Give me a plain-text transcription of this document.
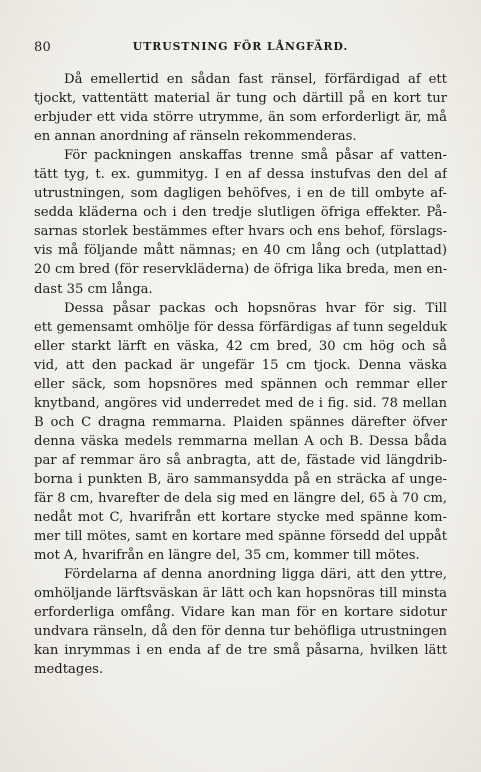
80	UTRUSTNING FÖR LÅNGFÄRD.
Då emellertid en sådan fast ränsel, förfärdigad af ett
tjockt, vattentätt material är tung och därtill på en kort tur
erbjuder ett vida större utrymme, än som erforderligt är, må
en annan anordning af ränseln rekommenderas.
För packningen anskaffas trenne små påsar af vatten-
tätt tyg, t. ex. gummityg. I en af dessa instufvas den del af
utrustningen, som dagligen behöfves, i en de till ombyte af-
sedda kläderna och i den tredje slutligen öfriga effekter. På-
sarnas storlek bestämmes efter hvars och ens behof, förslags-
vis må följande mått nämnas; en 40 cm lång och (utplattad)
20 cm bred (för reservkläderna) de öfriga lika breda, men en-
dast 35 cm långa.
Dessa påsar packas och hopsnöras hvar för sig. Till
ett gemensamt omhölje för dessa förfärdigas af tunn segelduk
eller starkt lärft en väska, 42 cm bred, 30 cm hög och så
vid, att den packad är ungefär 15 cm tjock. Denna väska
eller säck, som hopsnöres med spännen och remmar eller
knytband, angöres vid underredet med de i fig. sid. 78 mellan
B och C dragna remmarna. Plaiden spännes därefter öfver
denna väska medels remmarna mellan A och B. Dessa båda
par af remmar äro så anbragta, att de, fästade vid längdrib-
borna i punkten B, äro sammansydda på en sträcka af unge-
fär 8 cm, hvarefter de dela sig med en längre del, 65 à 70 cm,
nedåt mot C, hvarifrån ett kortare stycke med spänne kom-
mer till mötes, samt en kortare med spänne försedd del uppåt
mot A, hvarifrån en längre del, 35 cm, kommer till mötes.
Fördelarna af denna anordning ligga däri, att den yttre,
omhöljande lärftsväskan är lätt och kan hopsnöras till minsta
erforderliga omfång. Vidare kan man för en kortare sidotur
undvara ränseln, då den för denna tur behöfliga utrustningen
kan inrymmas i en enda af de tre små påsarna, hvilken lätt
medtages.
